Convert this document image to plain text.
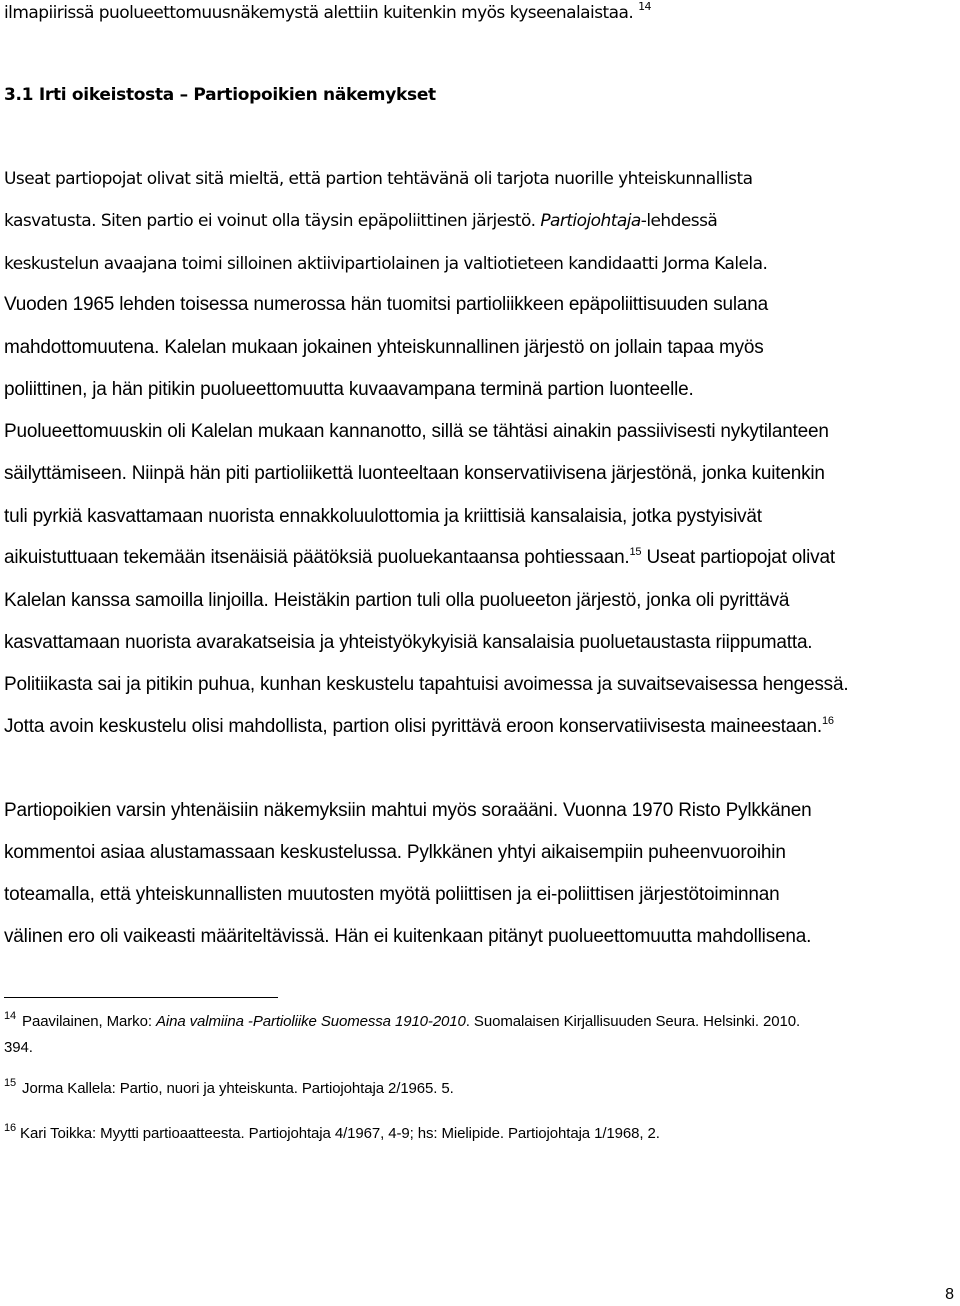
ilmapiirissä puolueettomuusnäkemystä alettiin kuitenkin myös kyseenalaistaa. $^{14}$
3.1 Irti oikeistosta – Partiopoikien näkemykset
Useat partiopojat olivat sitä mieltä, että partion tehtävänä oli tarjota nuorille yhteiskunnallista
kasvatusta. Siten partio ei voinut olla täysin epäpoliittinen järjestö. Partiojohtaja-lehdessä
keskustelun avaajana toimi silloinen aktiivipartiolainen ja valtiotieteen kandidaatti Jorma Kalela.
Vuoden 1965 lehden toisessa numerossa hän tuomitsi partioliikkeen epäpoliittisuuden sulana
mahdottomuutena. Kalelan mukaan jokainen yhteiskunnallinen järjestö on jollain tapaa myös
poliittinen, ja hän pitikin puolueettomuutta kuvaavampana terminä partion luonteelle.
Puolueettomuuskin oli Kalelan mukaan kannanotto, sillä se tähtäsi ainakin passiivisesti nykytilanteen
säilyttämiseen. Niinpä hän piti partioliikettä luonteeltaan konservatiivisena järjestönä, jonka kuitenkin
tuli pyrkiä kasvattamaan nuorista ennakkoluulottomia ja kriittisiä kansalaisia, jotka pystyisivät
aikuistuttuaan tekemään itsenäisiä päätöksiä puoluekantaansa pohtiessaan.$^{15}$ Useat partiopojat olivat
Kalelan kanssa samoilla linjoilla. Heistäkin partion tuli olla puolueeton järjestö, jonka oli pyrittävä
kasvattamaan nuorista avarakatseisia ja yhteistyökykyisiä kansalaisia puoluetaustasta riippumatta.
Politiikasta sai ja pitikin puhua, kunhan keskustelu tapahtuisi avoimessa ja suvaitsevaisessa hengessä.
Jotta avoin keskustelu olisi mahdollista, partion olisi pyrittävä eroon konservatiivisesta maineestaan.$^{16}$
Partiopoikien varsin yhtenäisiin näkemyksiin mahtui myös soraääni. Vuonna 1970 Risto Pylkkänen
kommentoi asiaa alustamassaan keskustelussa. Pylkkänen yhtyi aikaisempiin puheenvuoroihin
toteamalla, että yhteiskunnallisten muutosten myötä poliittisen ja ei-poliittisen järjestötoiminnan
välinen ero oli vaikeasti määriteltävissä. Hän ei kuitenkaan pitänyt puolueettomuutta mahdollisena.
$^{14}$ Paavilainen, Marko: Aina valmiina -Partioliike Suomessa 1910-2010. Suomalaisen Kirjallisuuden Seura. Helsinki. 2010.
394.
$^{15}$ Jorma Kallela: Partio, nuori ja yhteiskunta. Partiojohtaja 2/1965. 5.
$^{16}$ Kari Toikka: Myytti partioaatteesta. Partiojohtaja 4/1967, 4-9; hs: Mielipide. Partiojohtaja 1/1968, 2.
8
